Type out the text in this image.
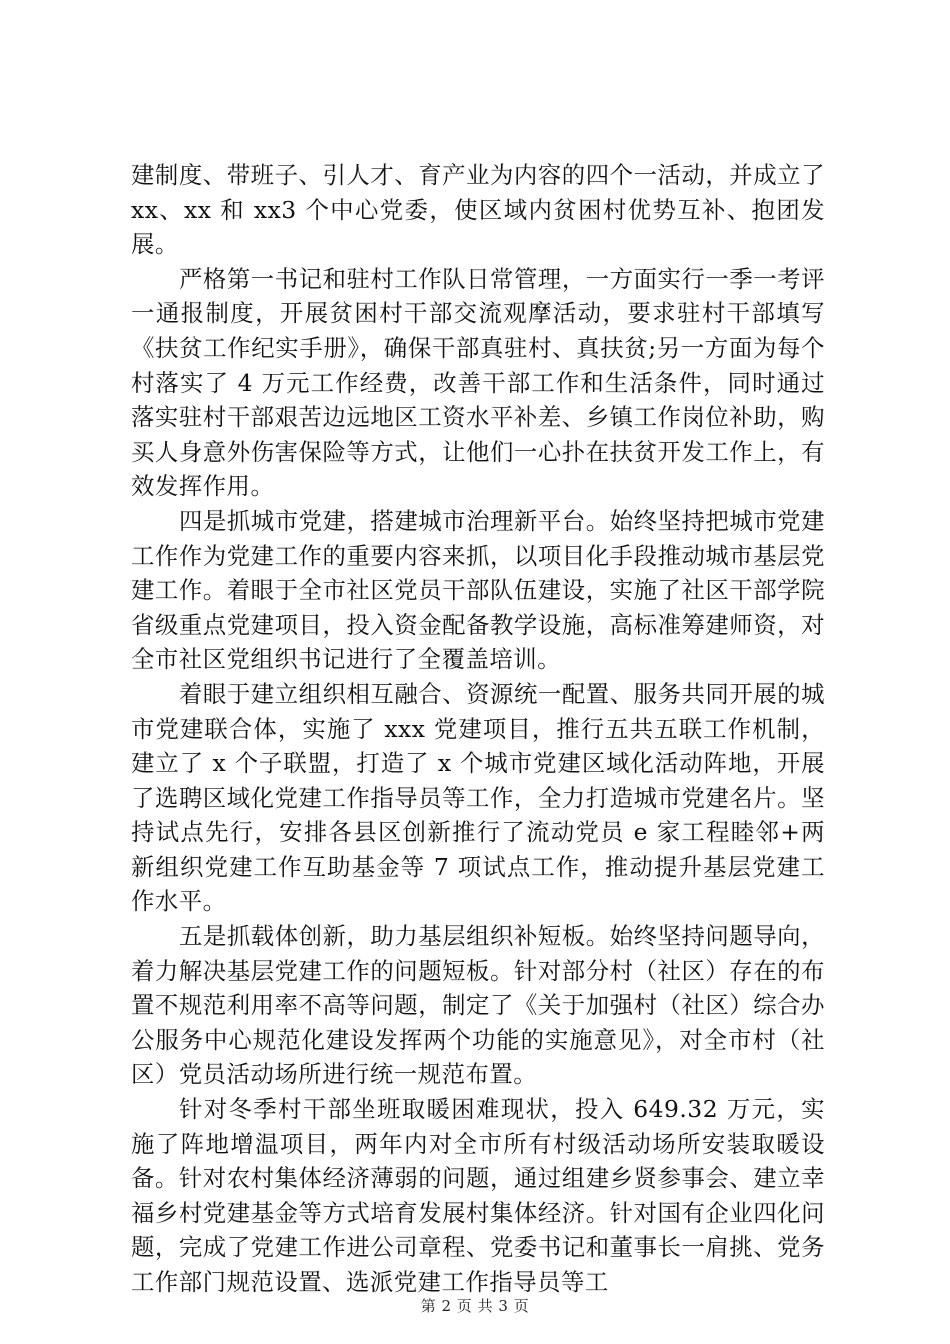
建制度、带班子、引人才、育产业为内容的四个一活动，并成立了 xx、xx 和 xx3 个中心党委，使区域内贫困村优势互补、抱团发展。

严格第一书记和驻村工作队日常管理，一方面实行一季一考评一通报制度，开展贫困村干部交流观摩活动，要求驻村干部填写《扶贫工作纪实手册》，确保干部真驻村、真扶贫;另一方面为每个村落实了 4 万元工作经费，改善干部工作和生活条件，同时通过落实驻村干部艰苦边远地区工资水平补差、乡镇工作岗位补助，购买人身意外伤害保险等方式，让他们一心扑在扶贫开发工作上，有效发挥作用。

四是抓城市党建，搭建城市治理新平台。始终坚持把城市党建工作作为党建工作的重要内容来抓，以项目化手段推动城市基层党建工作。着眼于全市社区党员干部队伍建设，实施了社区干部学院省级重点党建项目，投入资金配备教学设施，高标准筹建师资，对全市社区党组织书记进行了全覆盖培训。

着眼于建立组织相互融合、资源统一配置、服务共同开展的城市党建联合体，实施了 xxx 党建项目，推行五共五联工作机制，建立了 x 个子联盟，打造了 x 个城市党建区域化活动阵地，开展了选聘区域化党建工作指导员等工作，全力打造城市党建名片。坚持试点先行，安排各县区创新推行了流动党员 e 家工程睦邻+两新组织党建工作互助基金等 7 项试点工作，推动提升基层党建工作水平。

五是抓载体创新，助力基层组织补短板。始终坚持问题导向，着力解决基层党建工作的问题短板。针对部分村（社区）存在的布置不规范利用率不高等问题，制定了《关于加强村（社区）综合办公服务中心规范化建设发挥两个功能的实施意见》，对全市村（社区）党员活动场所进行统一规范布置。

针对冬季村干部坐班取暖困难现状，投入 649.32 万元，实施了阵地增温项目，两年内对全市所有村级活动场所安装取暖设备。针对农村集体经济薄弱的问题，通过组建乡贤参事会、建立幸福乡村党建基金等方式培育发展村集体经济。针对国有企业四化问题，完成了党建工作进公司章程、党委书记和董事长一肩挑、党务工作部门规范设置、选派党建工作指导员等工

第 2 页 共 3 页
